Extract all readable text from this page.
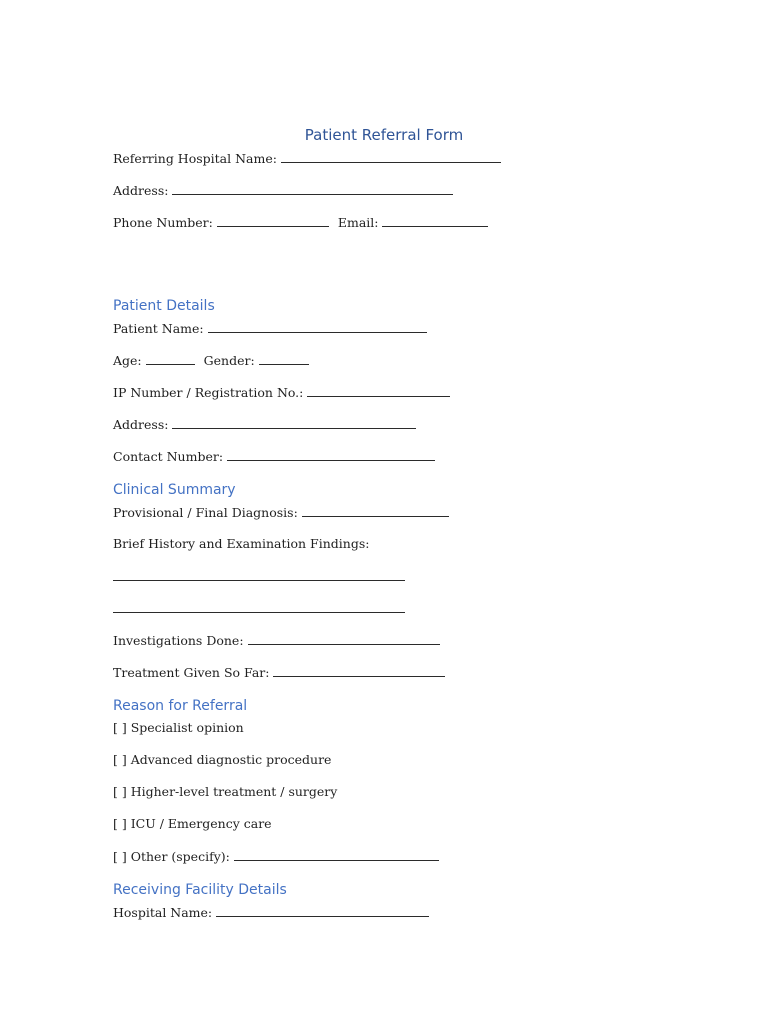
Patient Referral Form
Referring Hospital Name:
Address:
Phone Number:	Email:
Patient Details
Patient Name:
Age:	Gender:
IP Number / Registration No.:
Address:
Contact Number:
Clinical Summary
Provisional / Final Diagnosis:
Brief History and Examination Findings:
Investigations Done:
Treatment Given So Far:
Reason for Referral
[ ]
Specialist opinion
[ ]
Advanced diagnostic procedure
[ ]
Higher-level treatment / surgery
[ ]
ICU / Emergency care
[ ]
Other (specify):
Receiving Facility Details
Hospital Name:
